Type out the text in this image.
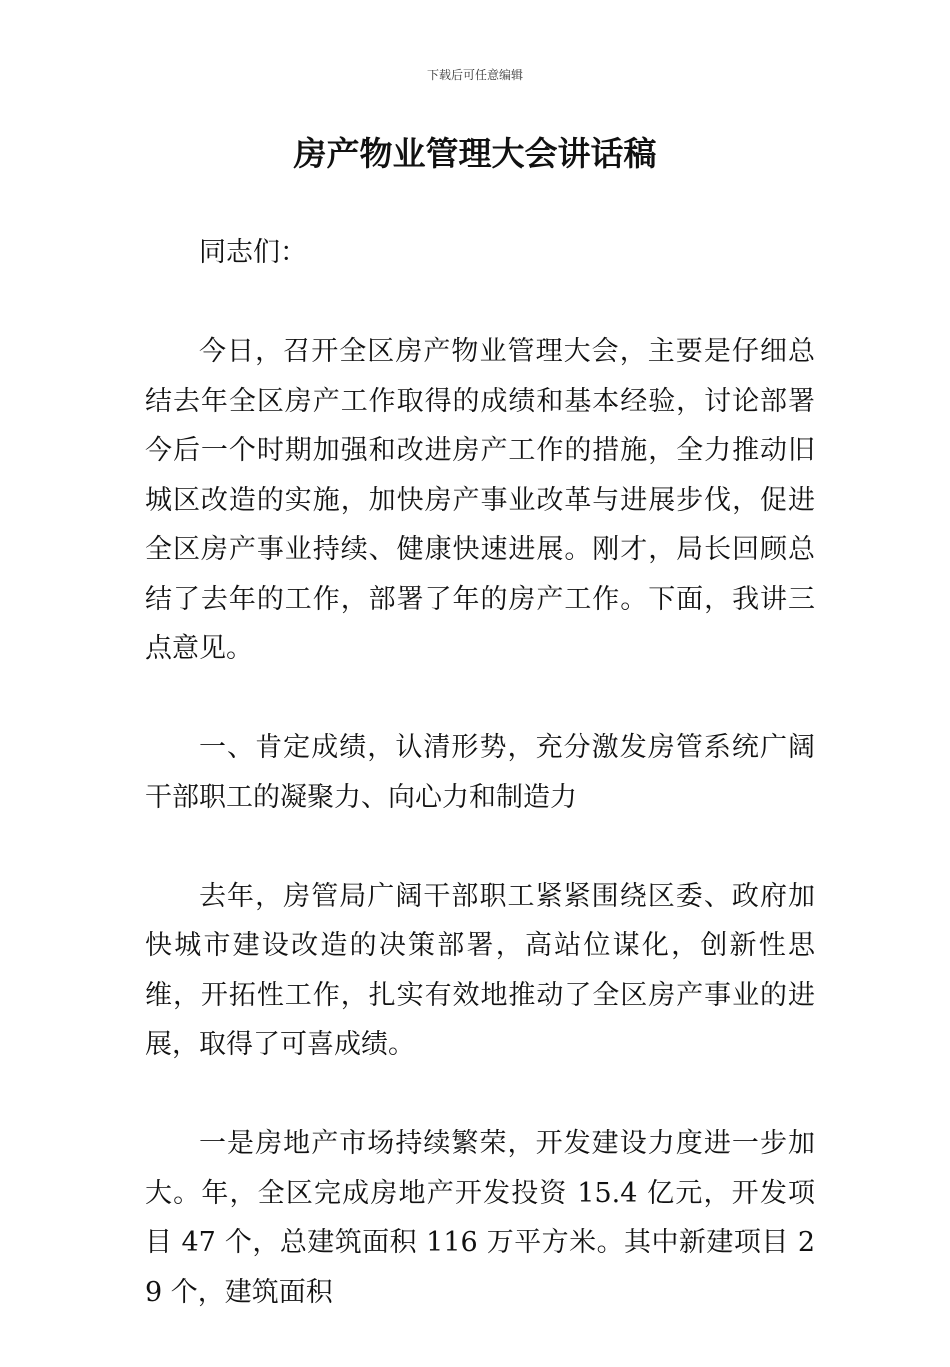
下载后可任意编辑
房产物业管理大会讲话稿

同志们：

今日，召开全区房产物业管理大会，主要是仔细总结去年全区房产工作取得的成绩和基本经验，讨论部署今后一个时期加强和改进房产工作的措施，全力推动旧城区改造的实施，加快房产事业改革与进展步伐，促进全区房产事业持续、健康快速进展。刚才，局长回顾总结了去年的工作，部署了年的房产工作。下面，我讲三点意见。

一、肯定成绩，认清形势，充分激发房管系统广阔干部职工的凝聚力、向心力和制造力

去年，房管局广阔干部职工紧紧围绕区委、政府加快城市建设改造的决策部署，高站位谋化，创新性思维，开拓性工作，扎实有效地推动了全区房产事业的进展，取得了可喜成绩。

一是房地产市场持续繁荣，开发建设力度进一步加大。年，全区完成房地产开发投资 15.4 亿元，开发项目 47 个，总建筑面积 116 万平方米。其中新建项目 29 个，建筑面积
